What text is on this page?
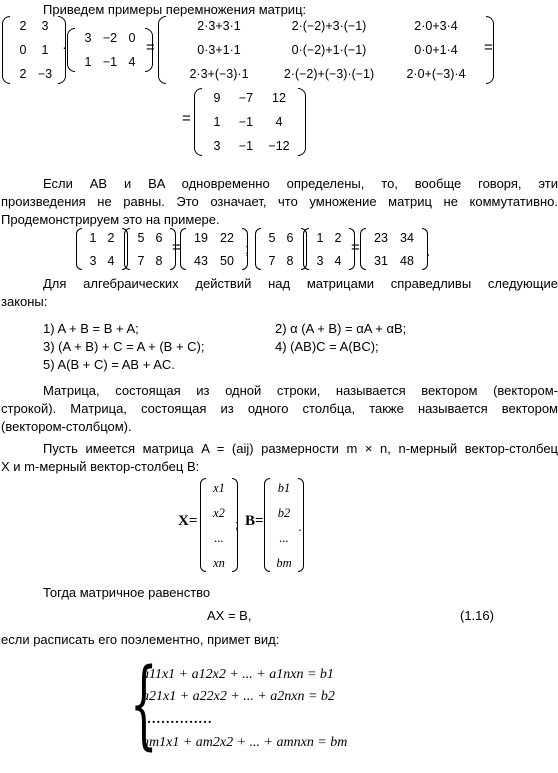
Приведем примеры перемножения матриц:
2 3
0 1
2 −3
·
3 −2 0
1 −1 4
=
2·3+3·1	2·(−2)+3·(−1)	2·0+3·4
0·3+1·1	0·(−2)+1·(−1)	0·0+1·4
2·3+(−3)·1	2·(−2)+(−3)·(−1)	2·0+(−3)·4
=
=
9 −7 12
1 −1 4
3 −1 −12
Если AB и BA одновременно определены, то, вообще говоря, эти
произведения не равны. Это означает, что умножение матриц не коммутативно.
Продемонстрируем это на примере.
1 2
3 4
5 6
7 8
=
19 22
43 50
;
5 6
7 8
1 2
3 4
=
23 34
31 48
.
Для алгебраических действий над матрицами справедливы следующие
законы:
1) A + B = B + A;	2) α (A + B) = αA + αB;
3) (A + B) + C = A + (B + C);	4) (AB)C = A(BC);
5) A(B + C) = AB + AC.
Матрица, состоящая из одной строки, называется вектором (вектором-
строкой). Матрица, состоящая из одного столбца, также называется вектором
(вектором-столбцом).
Пусть имеется матрица A = (aij) размерности m × n, n-мерный вектор-столбец
X и m-мерный вектор-столбец B:
X=
x1
x2
...
xn
; B=
b1
b2
...
bm
.
Тогда матричное равенство
AX = B,	(1.16)
если расписать его поэлементно, примет вид:
{
a11x1 + a12x2 + ... + a1nxn = b1
a21x1 + a22x2 + ... + a2nxn = b2
……………
am1x1 + am2x2 + ... + amnxn = bm
